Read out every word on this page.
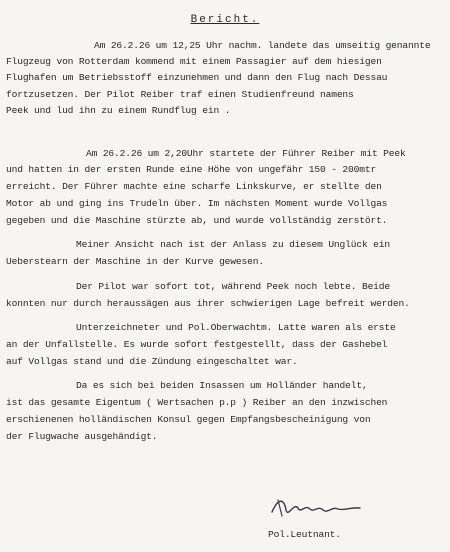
Bericht.
Am 26.2.26 um 12,25 Uhr nachm. landete das umseitig genannte
Flugzeug von Rotterdam kommend mit einem Passagier auf dem hiesigen
Flughafen um Betriebsstoff einzunehmen und dann den Flug nach Dessau
fortzusetzen. Der Pilot Reiber traf einen Studienfreund namens
Peek und lud ihn zu einem Rundflug ein .
Am 26.2.26 um 2,20Uhr startete der Führer Reiber mit Peek
und hatten in der ersten Runde eine Höhe von ungefähr 150 - 200mtr
erreicht. Der Führer machte eine scharfe Linkskurve, er stellte den
Motor ab und ging ins Trudeln über. Im nächsten Moment wurde Vollgas
gegeben und die Maschine stürzte ab, und wurde vollständig zerstört.
Meiner Ansicht nach ist der Anlass zu diesem Unglück ein
Ueberstearn der Maschine in der Kurve gewesen.
Der Pilot war sofort tot, während Peek noch lebte. Beide
konnten nur durch heraussägen aus ihrer schwierigen Lage befreit werden.
Unterzeichneter und Pol.Oberwachtm. Latte waren als erste
an der Unfallstelle. Es wurde sofort festgestellt, dass der Gashebel
auf Vollgas stand und die Zündung eingeschaltet war.
Da es sich bei beiden Insassen um Holländer handelt,
ist das gesamte Eigentum ( Wertsachen p.p ) Reiber an den inzwischen
erschienenen holländischen Konsul gegen Empfangsbescheinigung von
der Flugwache ausgehändigt.
Pol.Leutnant.
